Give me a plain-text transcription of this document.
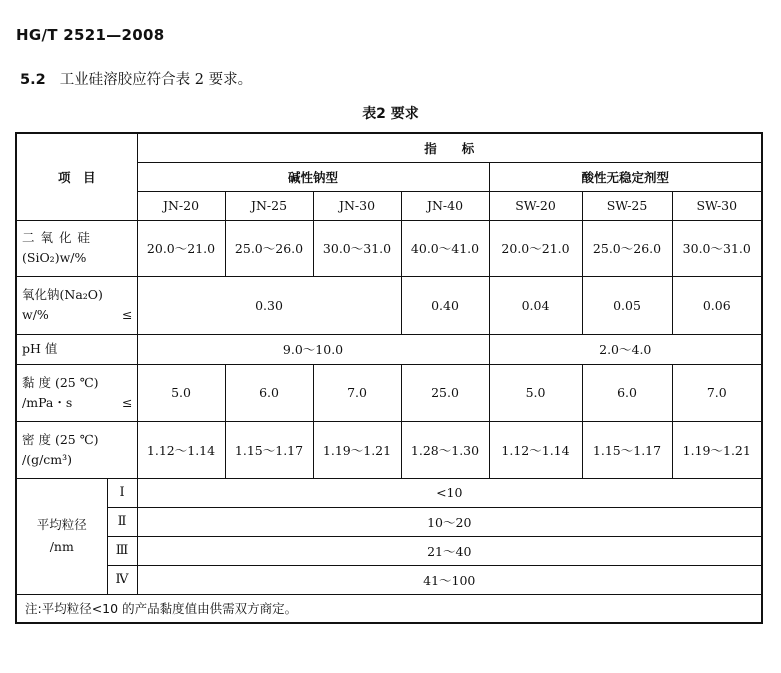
HG/T 2521—2008
5.2 工业硅溶胶应符合表 2 要求。
表2 要求
项　目		指　　标						
		碱性钠型				酸性无稳定剂型		
		JN-20	JN-25	JN-30	JN-40	SW-20	SW-25	SW-30

二 氧 化 硅
(SiO₂)w/%		20.0～21.0	25.0～26.0	30.0～31.0	40.0～41.0	20.0～21.0	25.0～26.0	30.0～31.0

氧化钠(Na₂O)
w/% ≤		0.30			0.40	0.04	0.05	0.06
pH 值		9.0～10.0				2.0～4.0		

黏 度 (25 ℃)
/mPa・s ≤		5.0	6.0	7.0	25.0	5.0	6.0	7.0

密 度 (25 ℃)
/(g/cm³)		1.12～1.14	1.15～1.17	1.19～1.21	1.28～1.30	1.12～1.14	1.15～1.17	1.19～1.21

平均粒径
/nm	Ⅰ	<10						
	Ⅱ	10～20						
	Ⅲ	21～40						
	Ⅳ	41～100						
注:平均粒径<10 的产品黏度值由供需双方商定。								
